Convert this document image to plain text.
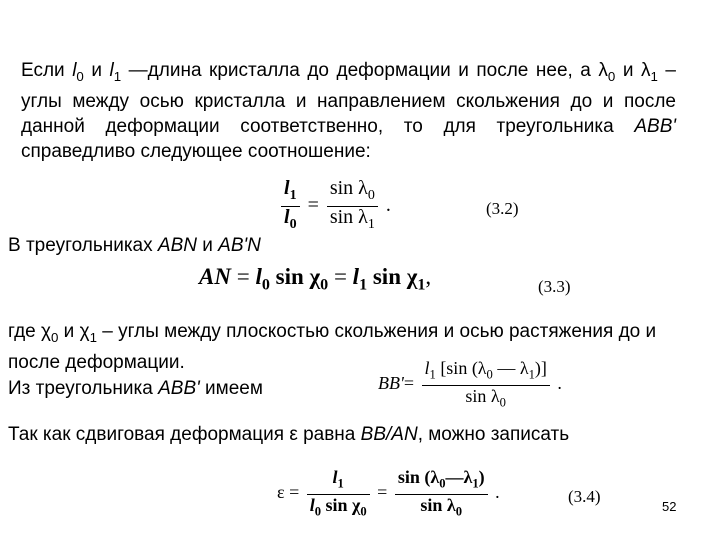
Если $l_0$ и $l_1$ —длина кристалла до деформации и после нее, а $\lambda_0$ и $\lambda_1$ – углы между осью кристалла и направлением скольжения до и после данной деформации соответственно, то для треугольника ABB' справедливо следующее соотношение:
$\frac{l_1}{l_0} = \frac{\sin \lambda_0}{\sin \lambda_1}$ .	(3.2)
В треугольниках ABN и AB'N
AN = $l_0$ $\sin \chi_0 = l_1$ $\sin \chi_1$,	(3.3)
где $\chi_0$ и $\chi_1$ – углы между плоскостью скольжения и осью растяжения до и после деформации.
Из треугольника ABB' имеем	$BB'= \frac{l_1 [\sin (\lambda_0 — \lambda_1)]}{\sin \lambda_0}$ .
Так как сдвиговая деформация ε равна BB/AN, можно записать
$\varepsilon = \frac{l_1}{l_0 \sin \chi_0} = \frac{\sin (\lambda_0—\lambda_1)}{\sin \lambda_0}$ .	(3.4)
52
